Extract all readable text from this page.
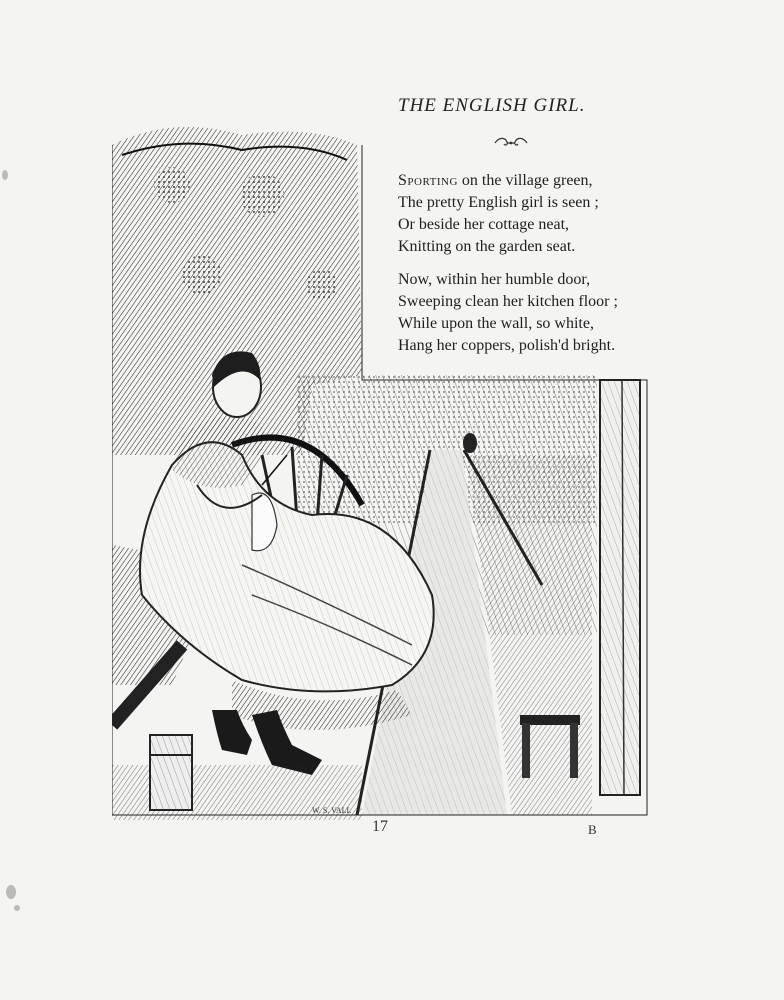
THE ENGLISH GIRL.
Sporting on the village green,
The pretty English girl is seen ;
Or beside her cottage neat,
Knitting on the garden seat.
Now, within her humble door,
Sweeping clean her kitchen floor ;
While upon the wall, so white,
Hang her coppers, polish'd bright.
W. S. VALL
17	B
